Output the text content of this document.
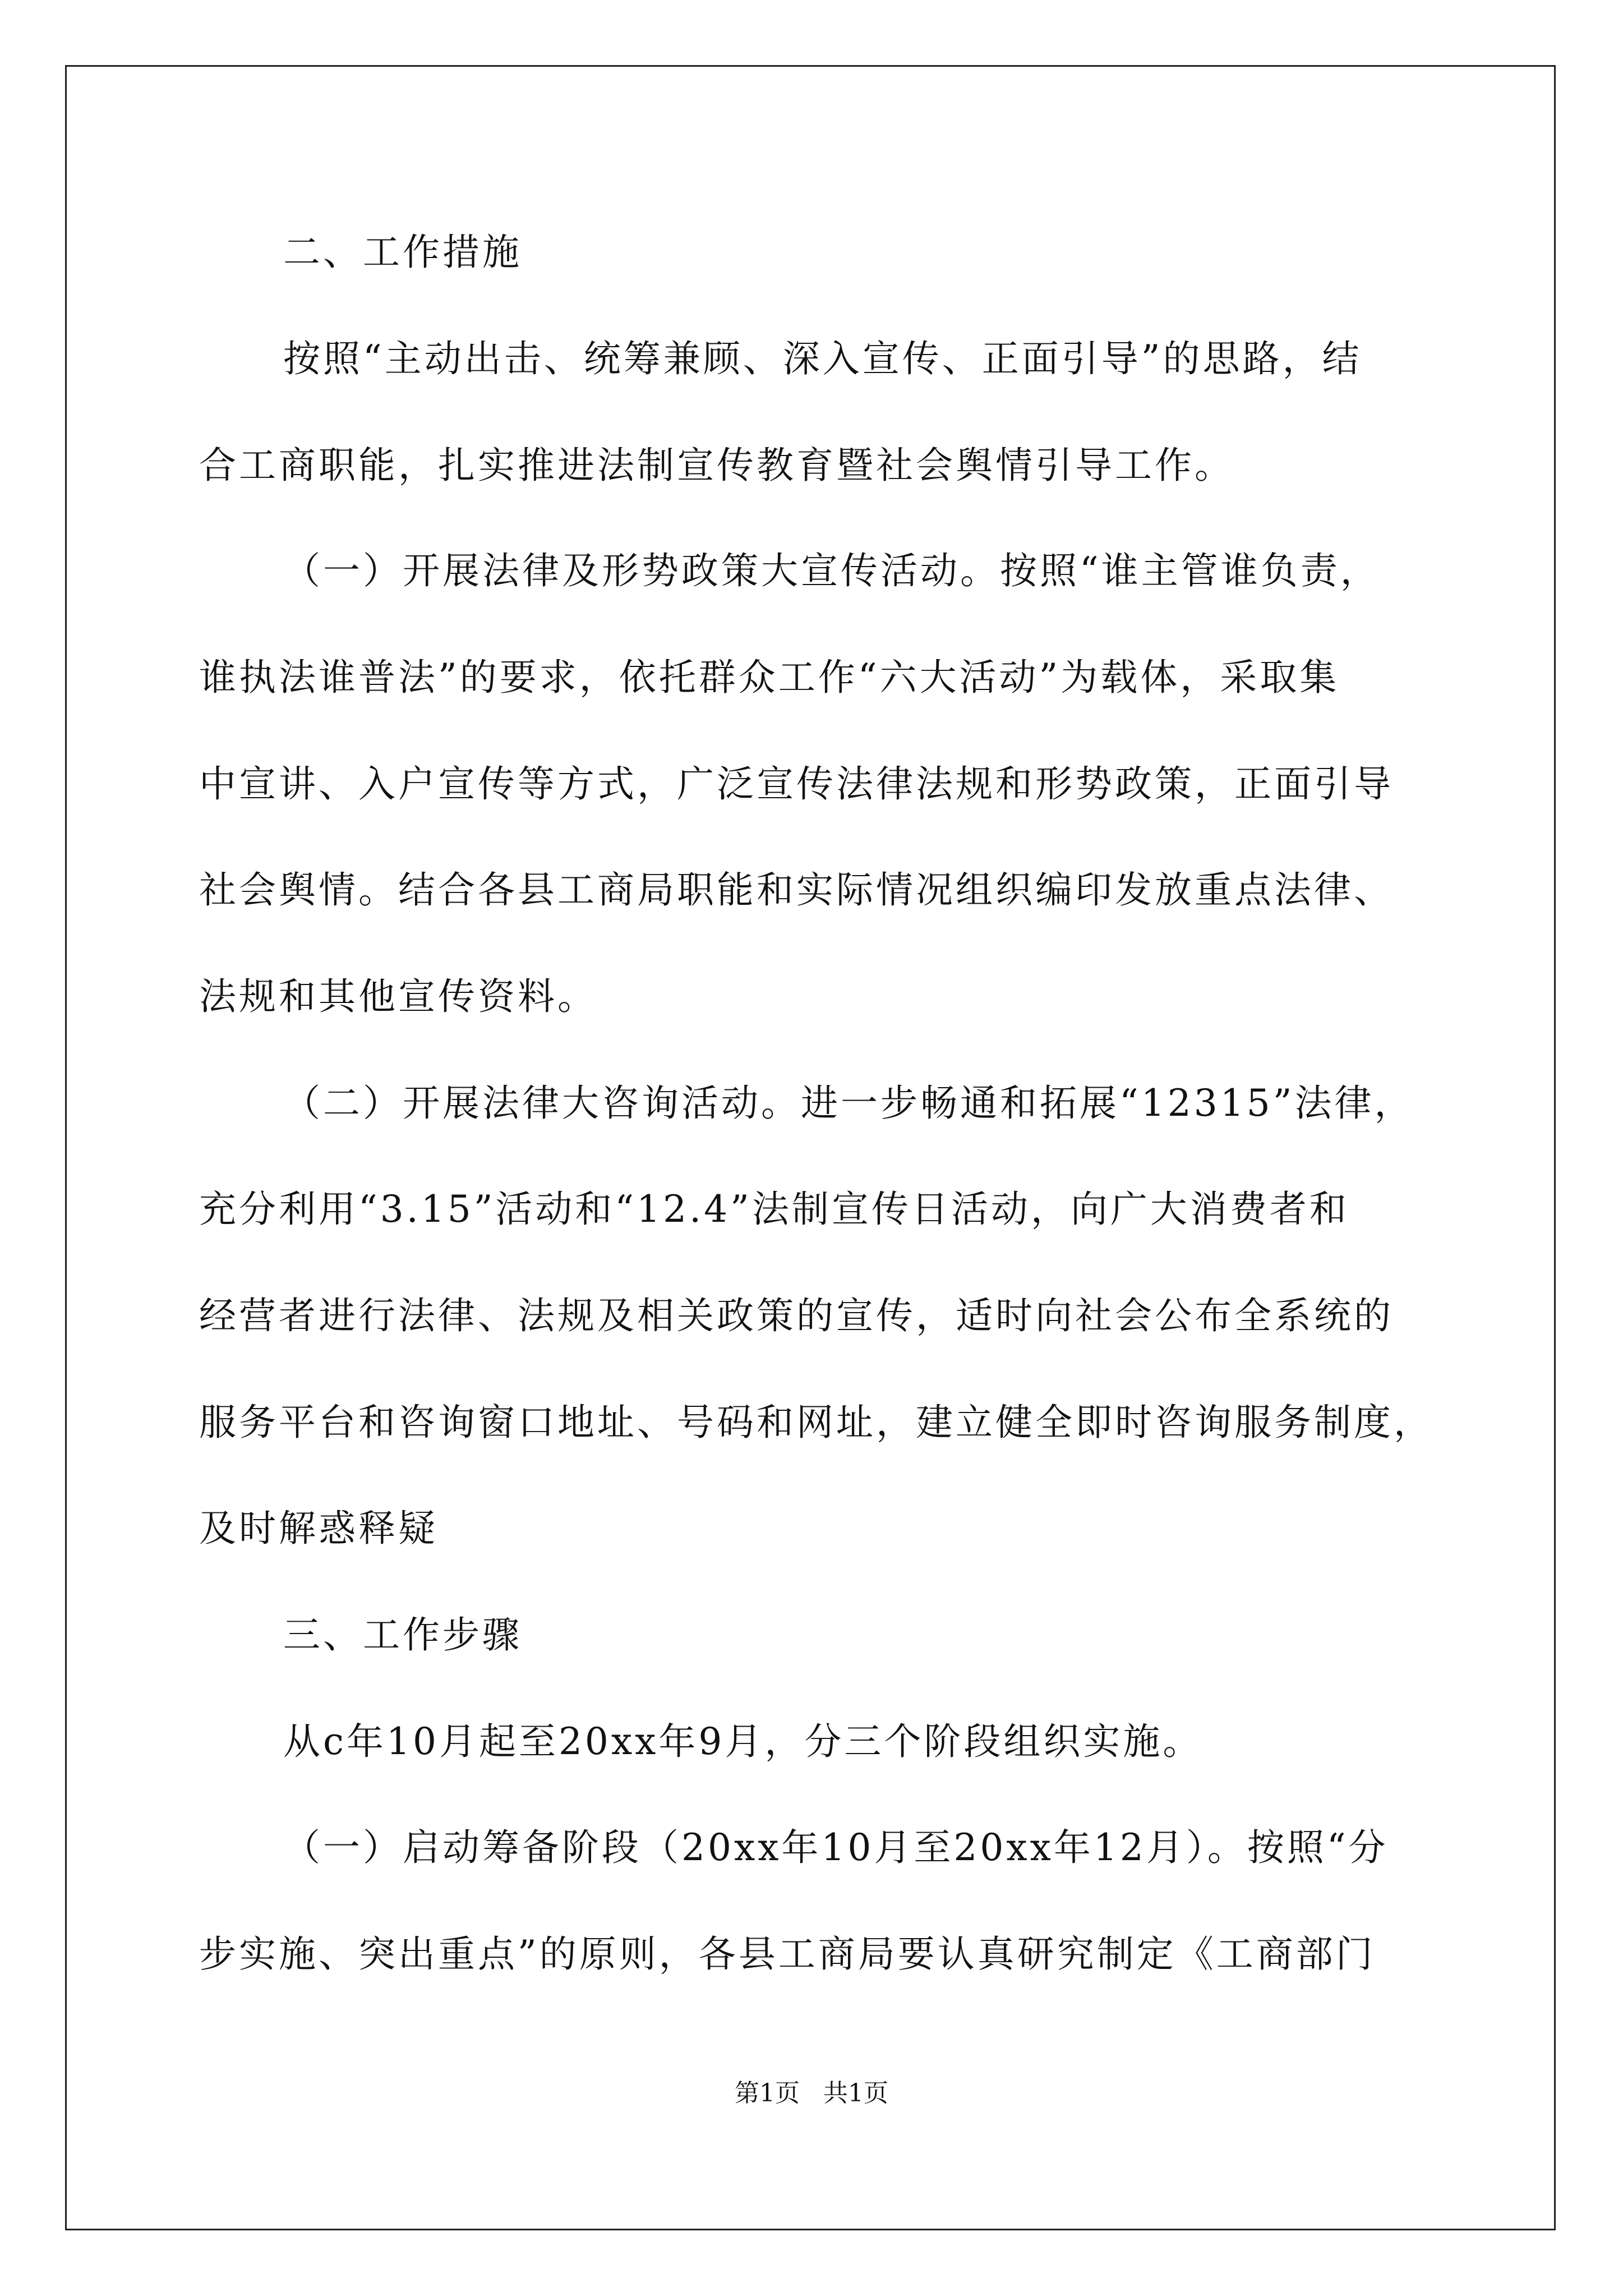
二、工作措施
按照“主动出击、统筹兼顾、深入宣传、正面引导”的思路，结
合工商职能，扎实推进法制宣传教育暨社会舆情引导工作。
（一）开展法律及形势政策大宣传活动。按照“谁主管谁负责，
谁执法谁普法”的要求，依托群众工作“六大活动”为载体，采取集
中宣讲、入户宣传等方式，广泛宣传法律法规和形势政策，正面引导
社会舆情。结合各县工商局职能和实际情况组织编印发放重点法律、
法规和其他宣传资料。
（二）开展法律大咨询活动。进一步畅通和拓展“12315”法律，
充分利用“3.15”活动和“12.4”法制宣传日活动，向广大消费者和
经营者进行法律、法规及相关政策的宣传，适时向社会公布全系统的
服务平台和咨询窗口地址、号码和网址，建立健全即时咨询服务制度，
及时解惑释疑
三、工作步骤
从c年10月起至20xx年9月，分三个阶段组织实施。
（一）启动筹备阶段（20xx年10月至20xx年12月）。按照“分
步实施、突出重点”的原则，各县工商局要认真研究制定《工商部门
第1页   共1页
